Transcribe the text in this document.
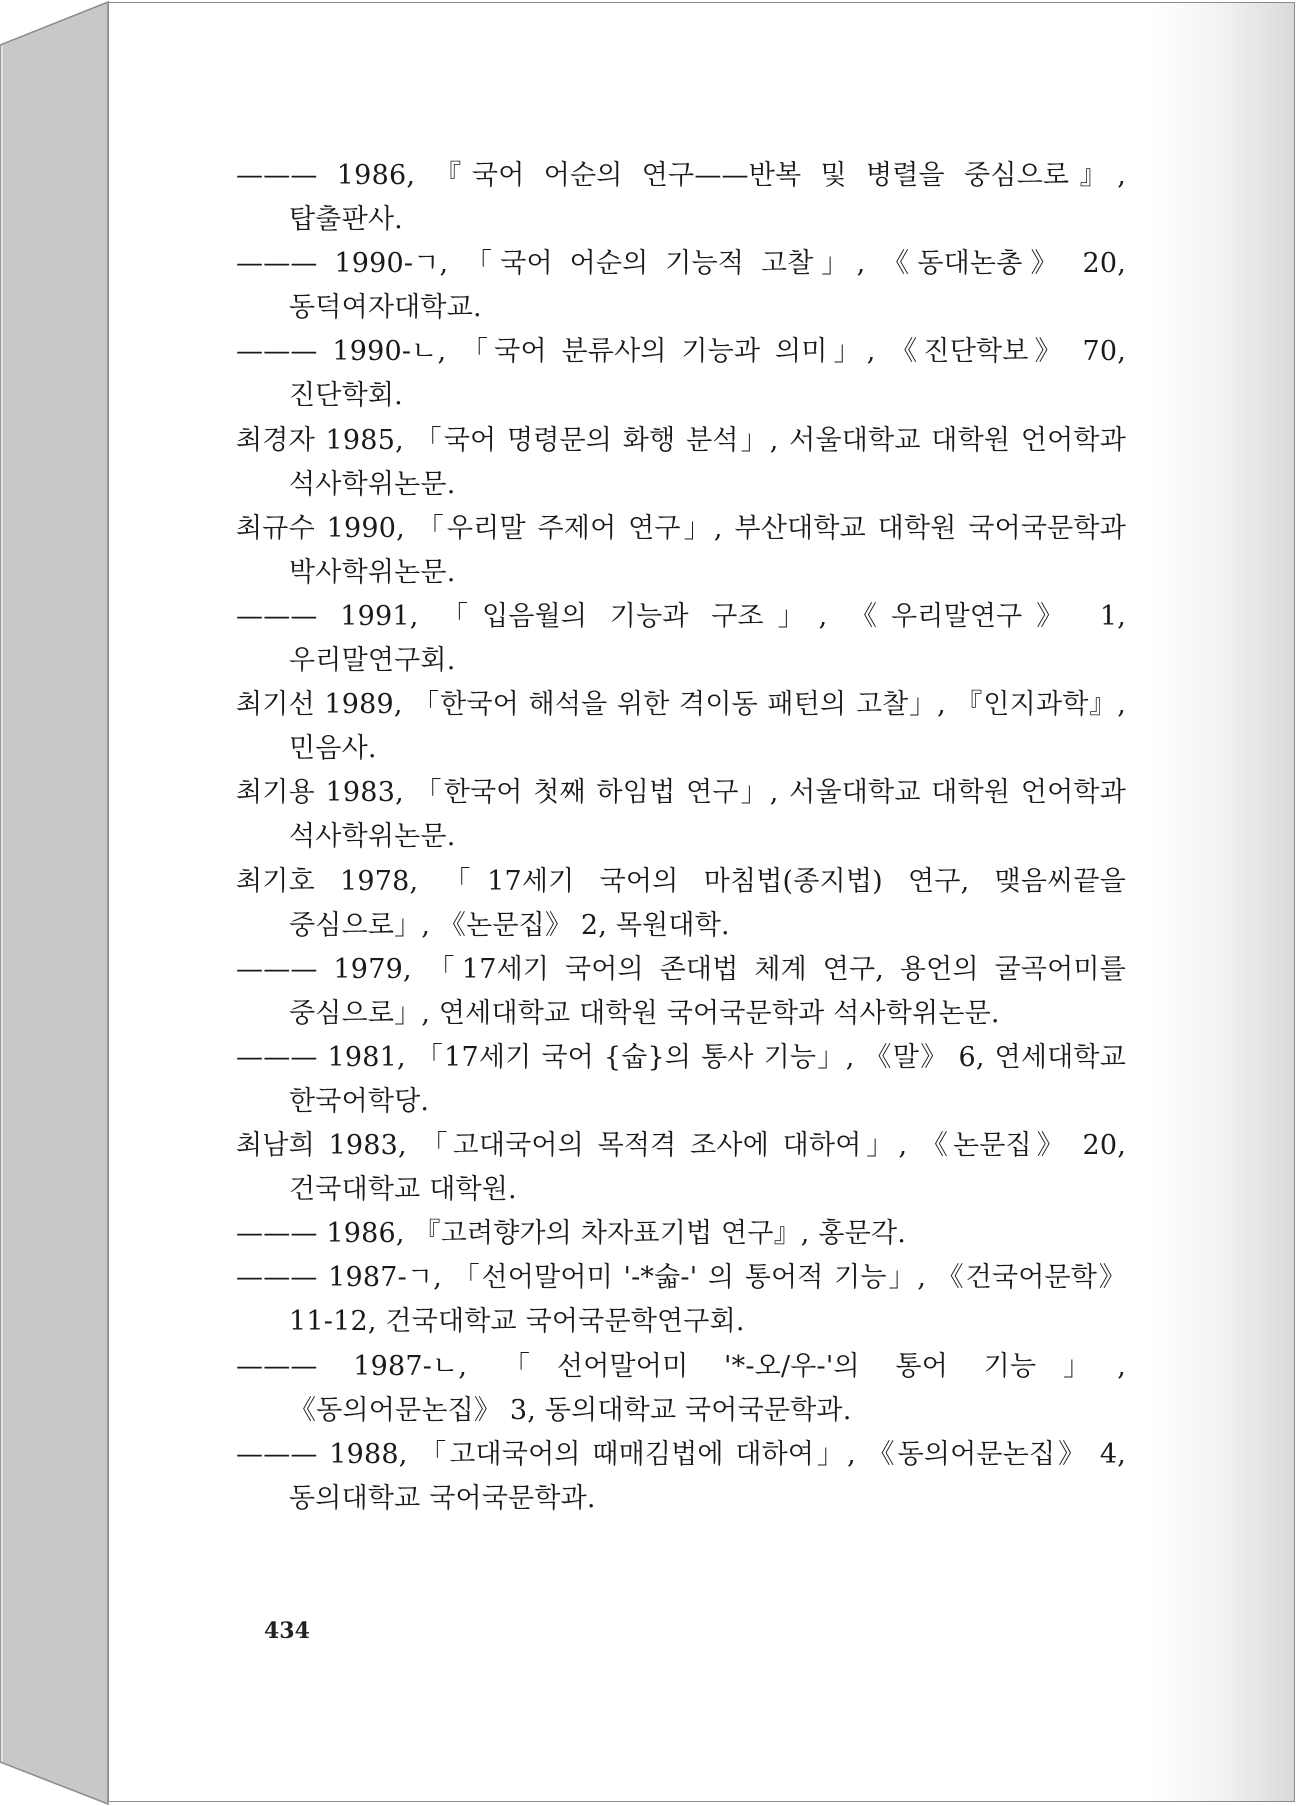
——— 1986, 『국어 어순의 연구——반복 및 병렬을 중심으로』, 탑출판사.
——— 1990-ㄱ, 「국어 어순의 기능적 고찰」, 《동대논총》 20, 동덕여자대학교.
——— 1990-ㄴ, 「국어 분류사의 기능과 의미」, 《진단학보》 70, 진단학회.
최경자 1985, 「국어 명령문의 화행 분석」, 서울대학교 대학원 언어학과 석사학위논문.
최규수 1990, 「우리말 주제어 연구」, 부산대학교 대학원 국어국문학과 박사학위논문.
——— 1991, 「입음월의 기능과 구조」, 《우리말연구》 1, 우리말연구회.
최기선 1989, 「한국어 해석을 위한 격이동 패턴의 고찰」, 『인지과학』, 민음사.
최기용 1983, 「한국어 첫째 하임법 연구」, 서울대학교 대학원 언어학과 석사학위논문.
최기호 1978, 「17세기 국어의 마침법(종지법) 연구, 맺음씨끝을 중심으로」, 《논문집》 2, 목원대학.
——— 1979, 「17세기 국어의 존대법 체계 연구, 용언의 굴곡어미를 중심으로」, 연세대학교 대학원 국어국문학과 석사학위논문.
——— 1981, 「17세기 국어 {숩}의 통사 기능」, 《말》 6, 연세대학교 한국어학당.
최남희 1983, 「고대국어의 목적격 조사에 대하여」, 《논문집》 20, 건국대학교 대학원.
——— 1986, 『고려향가의 차자표기법 연구』, 홍문각.
——— 1987-ㄱ, 「선어말어미 '-*숣-' 의 통어적 기능」, 《건국어문학》 11-12, 건국대학교 국어국문학연구회.
——— 1987-ㄴ, 「선어말어미 '*-오/우-'의 통어 기능」, 《동의어문논집》 3, 동의대학교 국어국문학과.
——— 1988, 「고대국어의 때매김법에 대하여」, 《동의어문논집》 4, 동의대학교 국어국문학과.
434
